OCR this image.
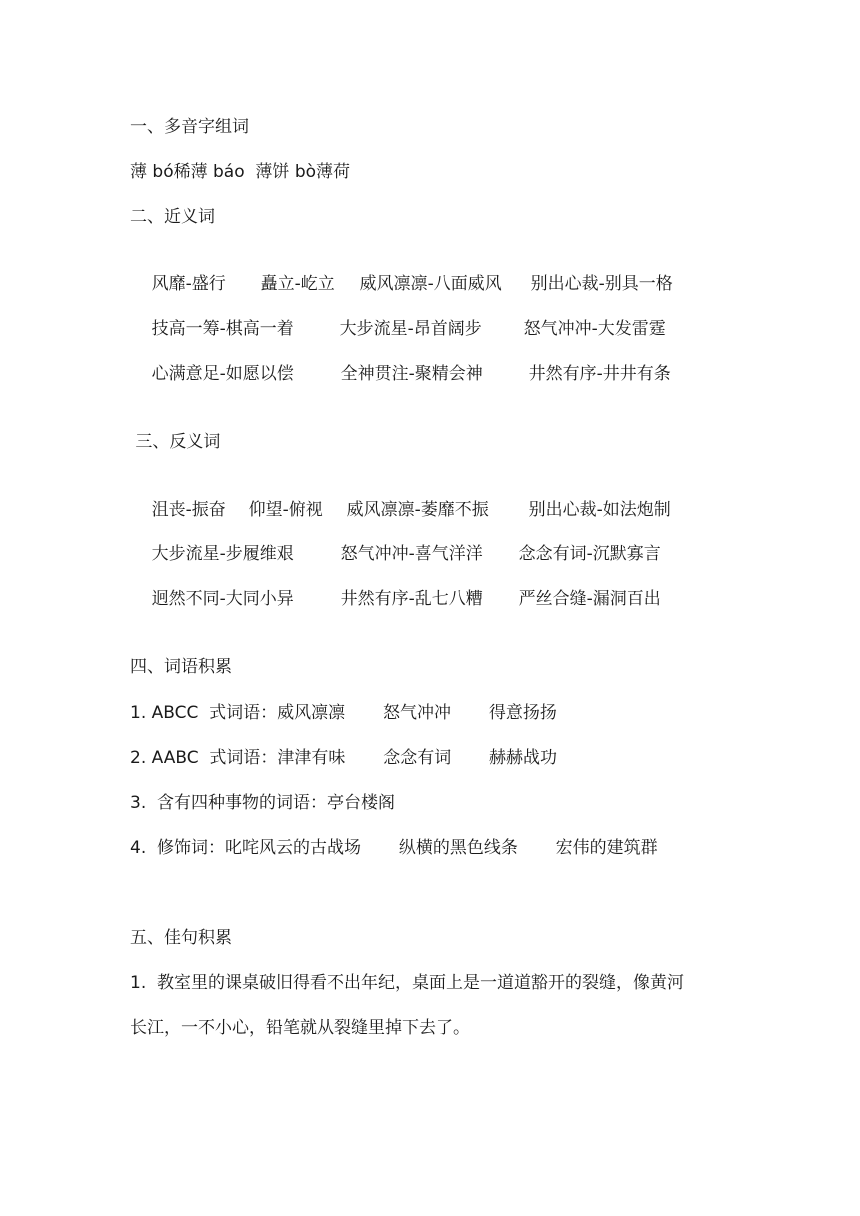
一、多音字组词
薄 bó稀薄 báo  薄饼 bò薄荷
二、近义词

风靡-盛行 矗立-屹立 威风凛凛-八面威风 别出心裁-别具一格

技高一筹-棋高一着	大步流星-昂首阔步 怒气冲冲-大发雷霆

心满意足-如愿以偿	全神贯注-聚精会神	井然有序-井井有条

三、反义词

沮丧-振奋 仰望-俯视 威风凛凛-萎靡不振 别出心裁-如法炮制

大步流星-步履维艰	怒气冲冲-喜气洋洋 念念有词-沉默寡言

迥然不同-大同小异	井然有序-乱七八糟 严丝合缝-漏洞百出

四、词语积累
1. ABCC  式词语：威风凛凛       怒气冲冲       得意扬扬
2. AABC  式词语：津津有味       念念有词       赫赫战功
3.  含有四种事物的词语：亭台楼阁
4.  修饰词：叱咤风云的古战场       纵横的黑色线条       宏伟的建筑群
五、佳句积累
1.  教室里的课桌破旧得看不出年纪，桌面上是一道道豁开的裂缝，像黄河
长江，一不小心，铅笔就从裂缝里掉下去了。
